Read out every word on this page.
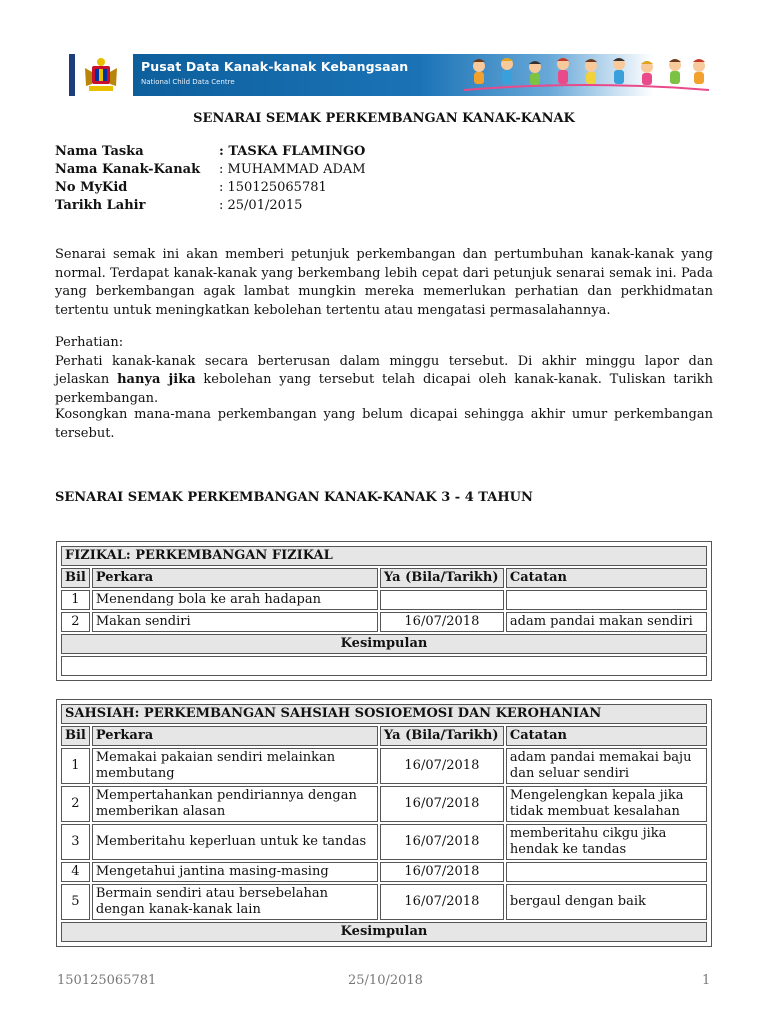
Pusat Data Kanak-kanak Kebangsaan
National Child Data Centre
SENARAI SEMAK PERKEMBANGAN KANAK-KANAK
Nama Taska	: TASKA FLAMINGO
Nama Kanak-Kanak : MUHAMMAD ADAM
No MyKid	: 150125065781
Tarikh Lahir	: 25/01/2015
Senarai semak ini akan memberi petunjuk perkembangan dan pertumbuhan kanak-kanak yang normal. Terdapat kanak-kanak yang berkembang lebih cepat dari petunjuk senarai semak ini. Pada yang berkembangan agak lambat mungkin mereka memerlukan perhatian dan perkhidmatan tertentu untuk meningkatkan kebolehan tertentu atau mengatasi permasalahannya.
Perhatian:
Perhati kanak-kanak secara berterusan dalam minggu tersebut. Di akhir minggu lapor dan jelaskan hanya jika kebolehan yang tersebut telah dicapai oleh kanak-kanak. Tuliskan tarikh perkembangan.
Kosongkan mana-mana perkembangan yang belum dicapai sehingga akhir umur perkembangan tersebut.
SENARAI SEMAK PERKEMBANGAN KANAK-KANAK 3 - 4 TAHUN
FIZIKAL: PERKEMBANGAN FIZIKAL			
Bil	Perkara	Ya (Bila/Tarikh)	Catatan
1	Menendang bola ke arah hadapan		
2	Makan sendiri	16/07/2018	adam pandai makan sendiri
Kesimpulan			

SAHSIAH: PERKEMBANGAN SAHSIAH SOSIOEMOSI DAN KEROHANIAN			
Bil	Perkara	Ya (Bila/Tarikh)	Catatan
1	Memakai pakaian sendiri melainkan membutang	16/07/2018	adam pandai memakai baju dan seluar sendiri
2	Mempertahankan pendiriannya dengan memberikan alasan	16/07/2018	Mengelengkan kepala jika tidak membuat kesalahan
3	Memberitahu keperluan untuk ke tandas	16/07/2018	memberitahu cikgu jika hendak ke tandas
4	Mengetahui jantina masing-masing	16/07/2018	
5	Bermain sendiri atau bersebelahan dengan kanak-kanak lain	16/07/2018	bergaul dengan baik
Kesimpulan			
150125065781	25/10/2018	1
